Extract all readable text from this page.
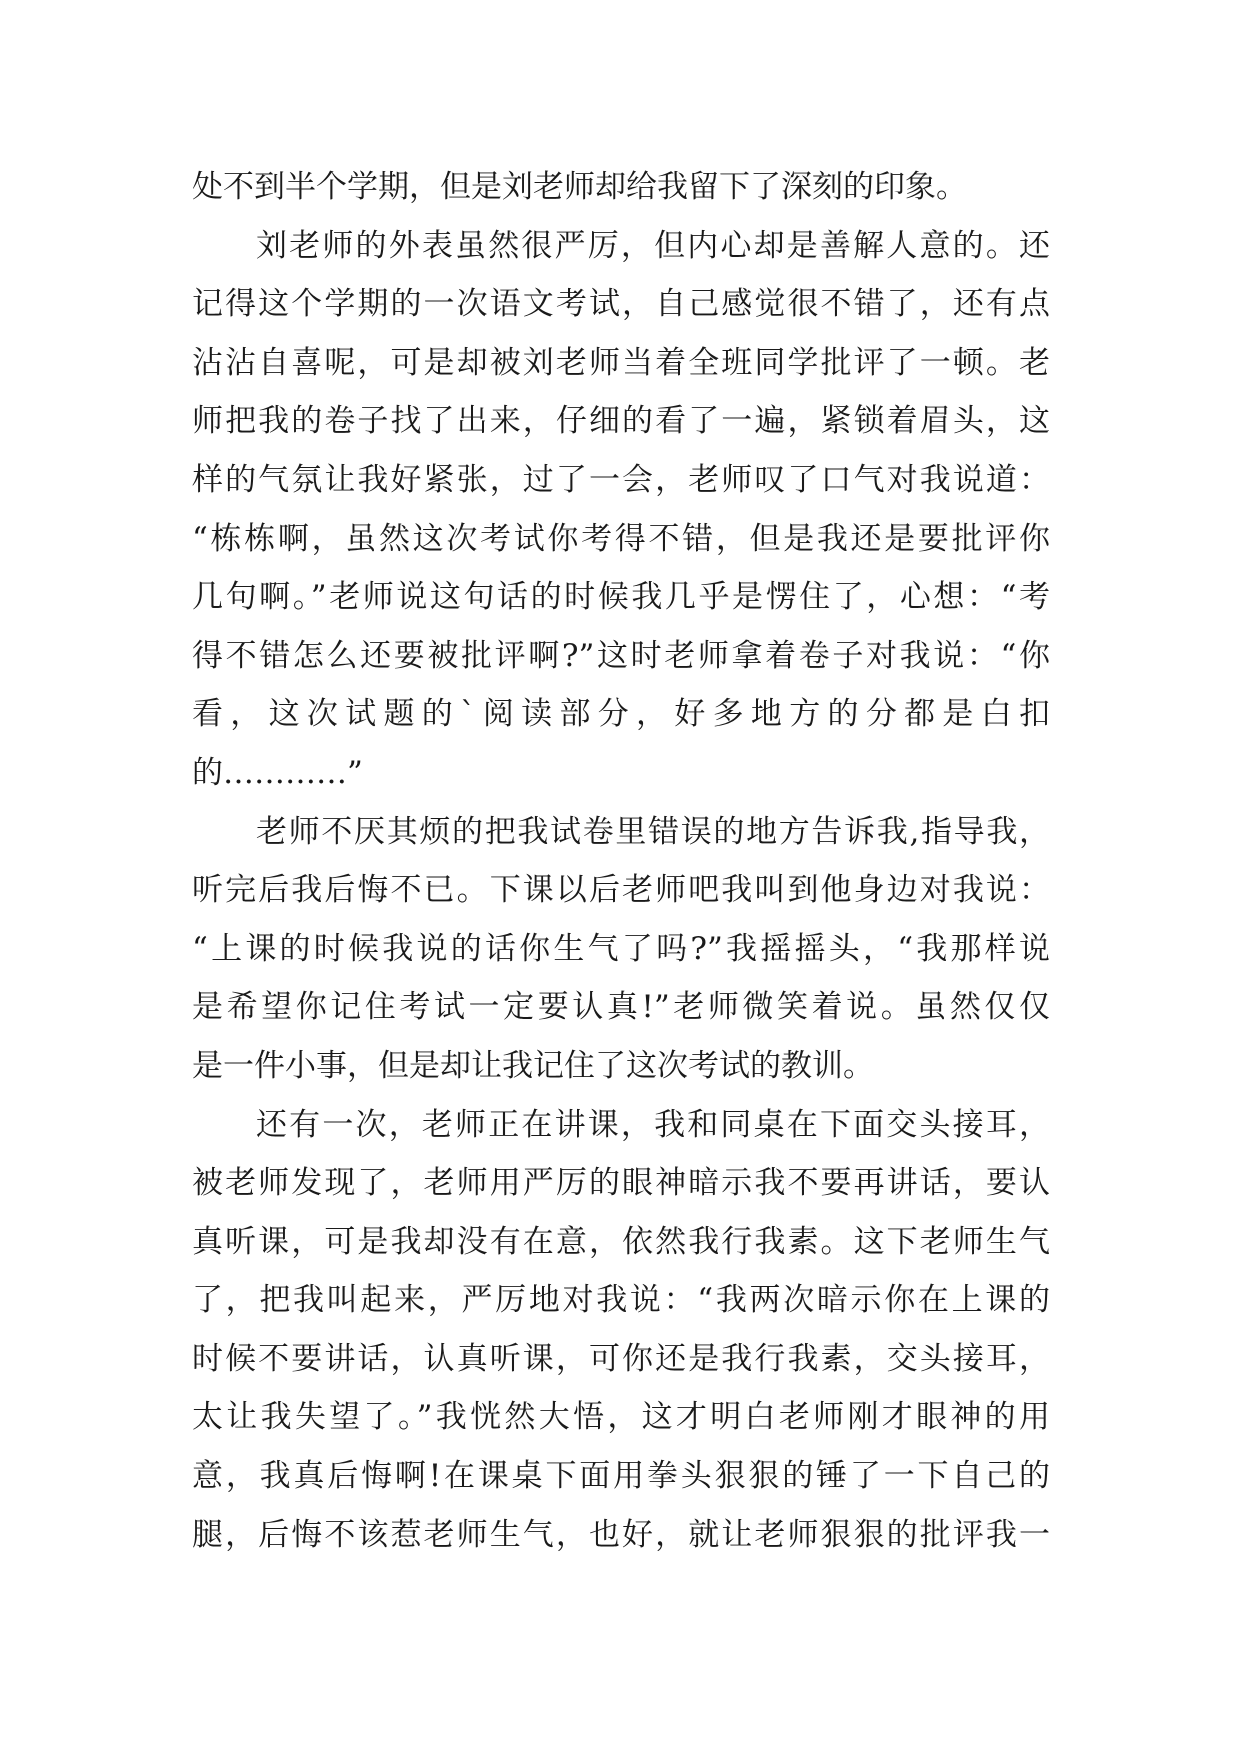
处不到半个学期，但是刘老师却给我留下了深刻的印象。
刘老师的外表虽然很严厉，但内心却是善解人意的。还
记得这个学期的一次语文考试，自己感觉很不错了，还有点
沾沾自喜呢，可是却被刘老师当着全班同学批评了一顿。老
师把我的卷子找了出来，仔细的看了一遍，紧锁着眉头，这
样的气氛让我好紧张，过了一会，老师叹了口气对我说道：
“栋栋啊，虽然这次考试你考得不错，但是我还是要批评你
几句啊。”老师说这句话的时候我几乎是愣住了，心想：“考
得不错怎么还要被批评啊?”这时老师拿着卷子对我说：“你
看，这次试题的`阅读部分，好多地方的分都是白扣
的…………”
老师不厌其烦的把我试卷里错误的地方告诉我,指导我，
听完后我后悔不已。下课以后老师吧我叫到他身边对我说：
“上课的时候我说的话你生气了吗?”我摇摇头，“我那样说
是希望你记住考试一定要认真!”老师微笑着说。虽然仅仅
是一件小事，但是却让我记住了这次考试的教训。
还有一次，老师正在讲课，我和同桌在下面交头接耳，
被老师发现了，老师用严厉的眼神暗示我不要再讲话，要认
真听课，可是我却没有在意，依然我行我素。这下老师生气
了，把我叫起来，严厉地对我说：“我两次暗示你在上课的
时候不要讲话，认真听课，可你还是我行我素，交头接耳，
太让我失望了。”我恍然大悟，这才明白老师刚才眼神的用
意，我真后悔啊!在课桌下面用拳头狠狠的锤了一下自己的
腿，后悔不该惹老师生气，也好，就让老师狠狠的批评我一
